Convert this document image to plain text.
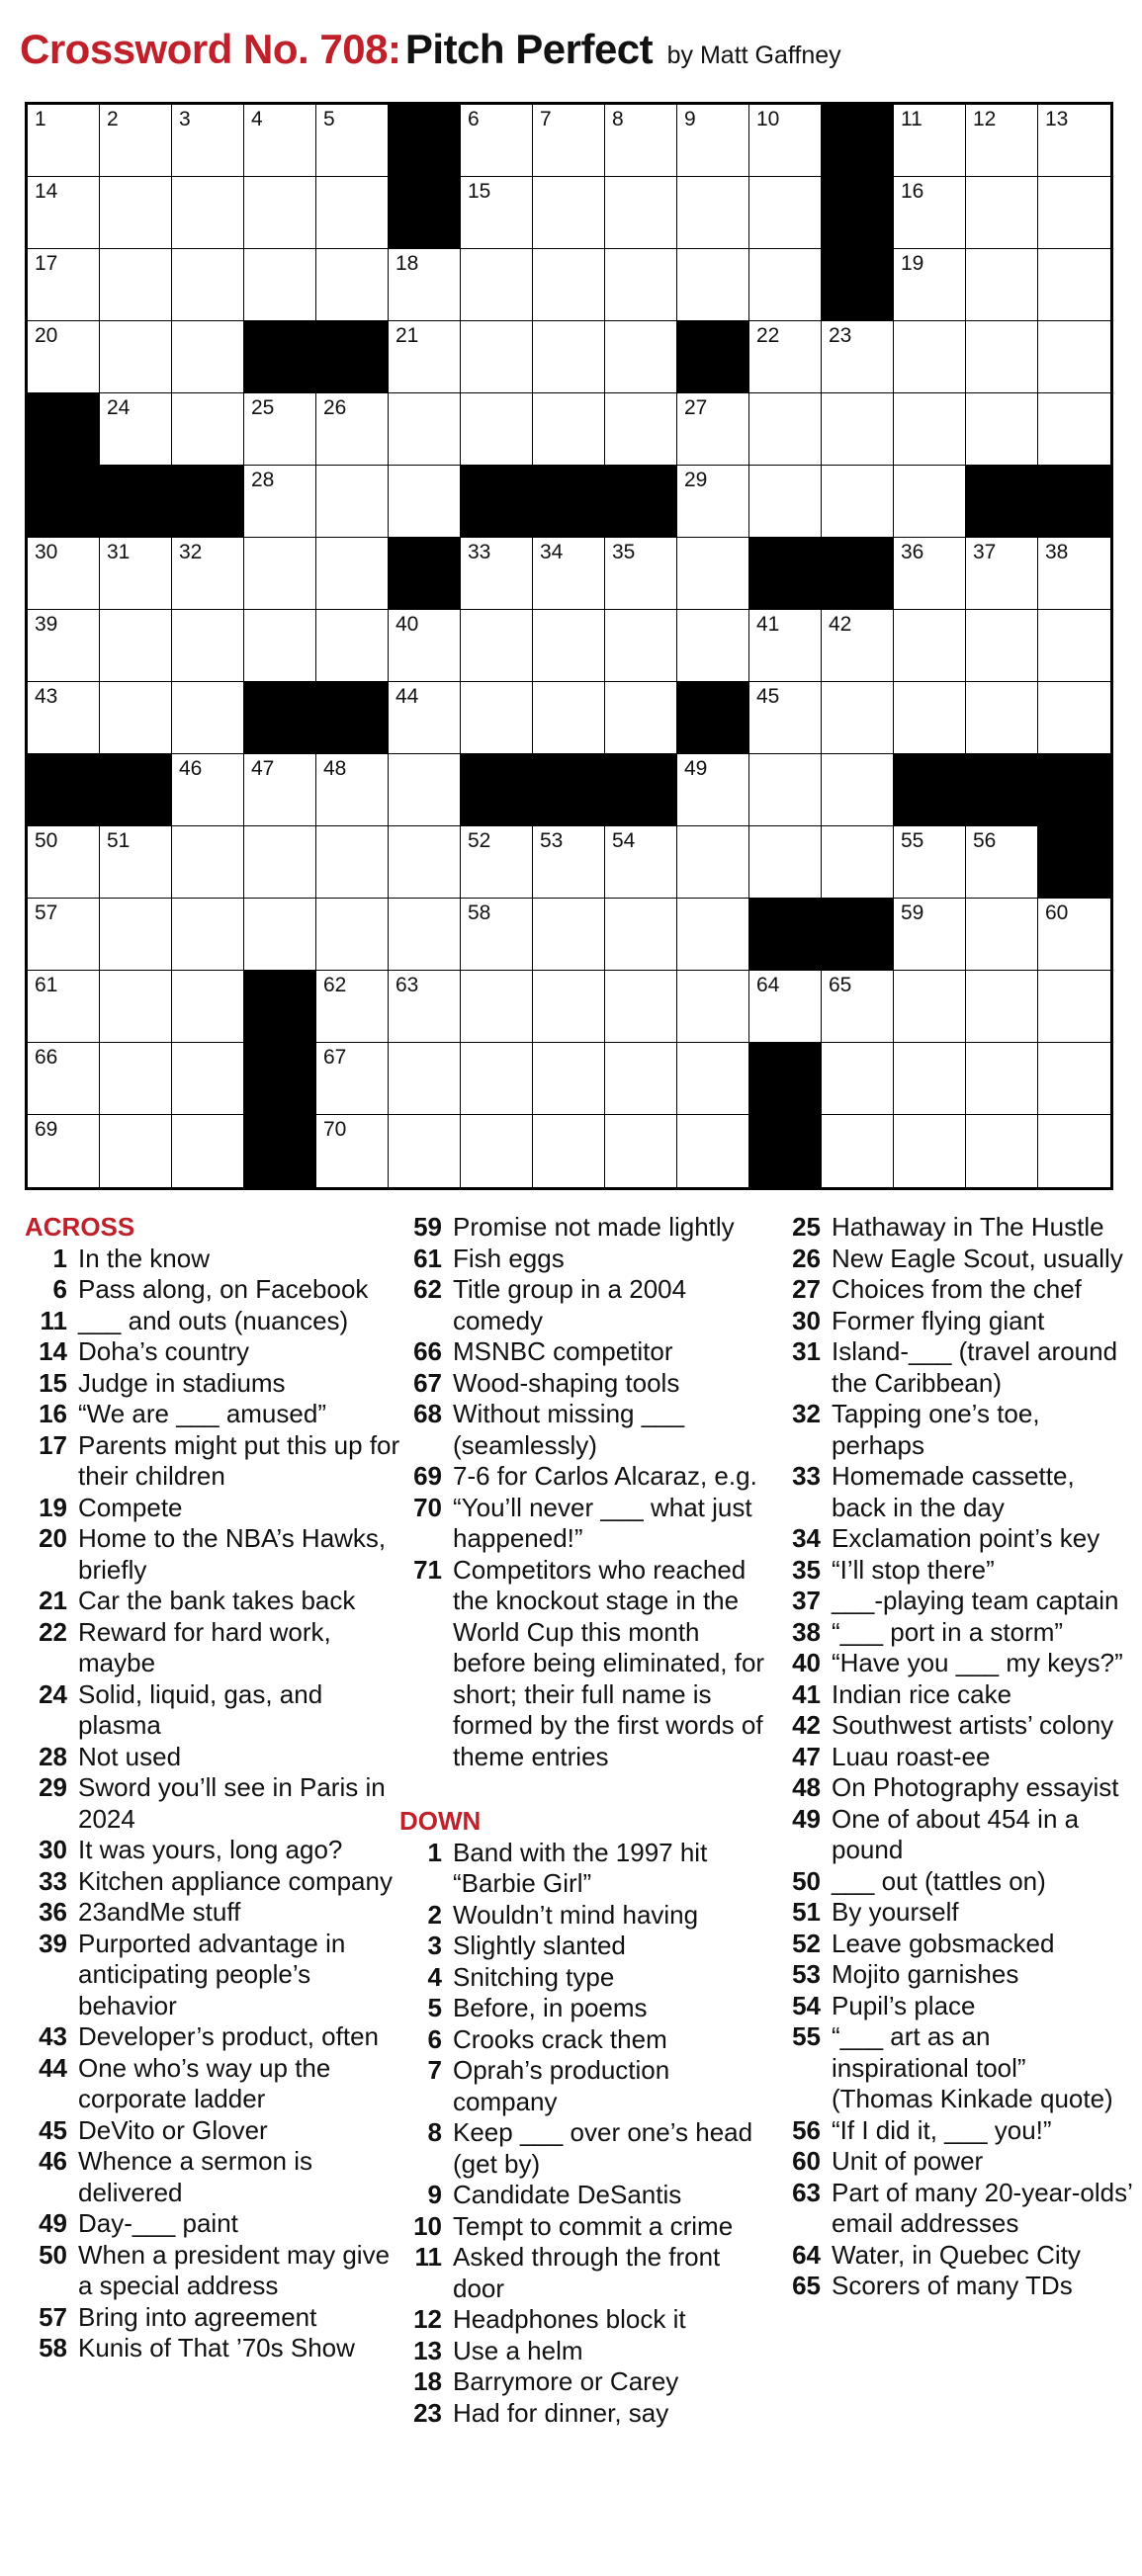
Crossword No. 708: Pitch Perfect by Matt Gaffney
1	2	3	4	5	6	7	8	9	10	11 12 13
14	15	16
17	18	19
20	21	22 23
24	25 26	27
28	29
30 31 32	33 34 35	36 37 38
39	40	41 42
43	44	45
46 47 48	49
50 51	52 53 54	55 56
57	58	59	60
61	62 63	64 65
66	67
69	70
ACROSS
1 In the know
6 Pass along, on Facebook
11 ___ and outs (nuances)
14 Doha’s country
15 Judge in stadiums
16 “We are ___ amused”
17 Parents might put this up for their children
19 Compete
20 Home to the NBA’s Hawks, briefly
21 Car the bank takes back
22 Reward for hard work, maybe
24 Solid, liquid, gas, and plasma
28 Not used
29 Sword you’ll see in Paris in 2024
30 It was yours, long ago?
33 Kitchen appliance company
36 23andMe stuff
39 Purported advantage in anticipating people’s behavior
43 Developer’s product, often
44 One who’s way up the corporate ladder
45 DeVito or Glover
46 Whence a sermon is delivered
49 Day-___ paint
50 When a president may give a special address
57 Bring into agreement
58 Kunis of That ’70s Show
59 Promise not made lightly
61 Fish eggs
62 Title group in a 2004 comedy
66 MSNBC competitor
67 Wood-shaping tools
68 Without missing ___ (seamlessly)
69 7-6 for Carlos Alcaraz, e.g.
70 “You’ll never ___ what just happened!”
71 Competitors who reached the knockout stage in the World Cup this month before being eliminated, for short; their full name is formed by the first words of theme entries
DOWN
1 Band with the 1997 hit “Barbie Girl”
2 Wouldn’t mind having
3 Slightly slanted
4 Snitching type
5 Before, in poems
6 Crooks crack them
7 Oprah’s production company
8 Keep ___ over one’s head (get by)
9 Candidate DeSantis
10 Tempt to commit a crime
11 Asked through the front door
12 Headphones block it
13 Use a helm
18 Barrymore or Carey
23 Had for dinner, say
25 Hathaway in The Hustle
26 New Eagle Scout, usually
27 Choices from the chef
30 Former flying giant
31 Island-___ (travel around the Caribbean)
32 Tapping one’s toe, perhaps
33 Homemade cassette, back in the day
34 Exclamation point’s key
35 “I’ll stop there”
37 ___-playing team captain
38 “___ port in a storm”
40 “Have you ___ my keys?”
41 Indian rice cake
42 Southwest artists’ colony
47 Luau roast-ee
48 On Photography essayist
49 One of about 454 in a pound
50 ___ out (tattles on)
51 By yourself
52 Leave gobsmacked
53 Mojito garnishes
54 Pupil’s place
55 “___ art as an inspirational tool” (Thomas Kinkade quote)
56 “If I did it, ___ you!”
60 Unit of power
63 Part of many 20-year-olds’ email addresses
64 Water, in Quebec City
65 Scorers of many TDs
